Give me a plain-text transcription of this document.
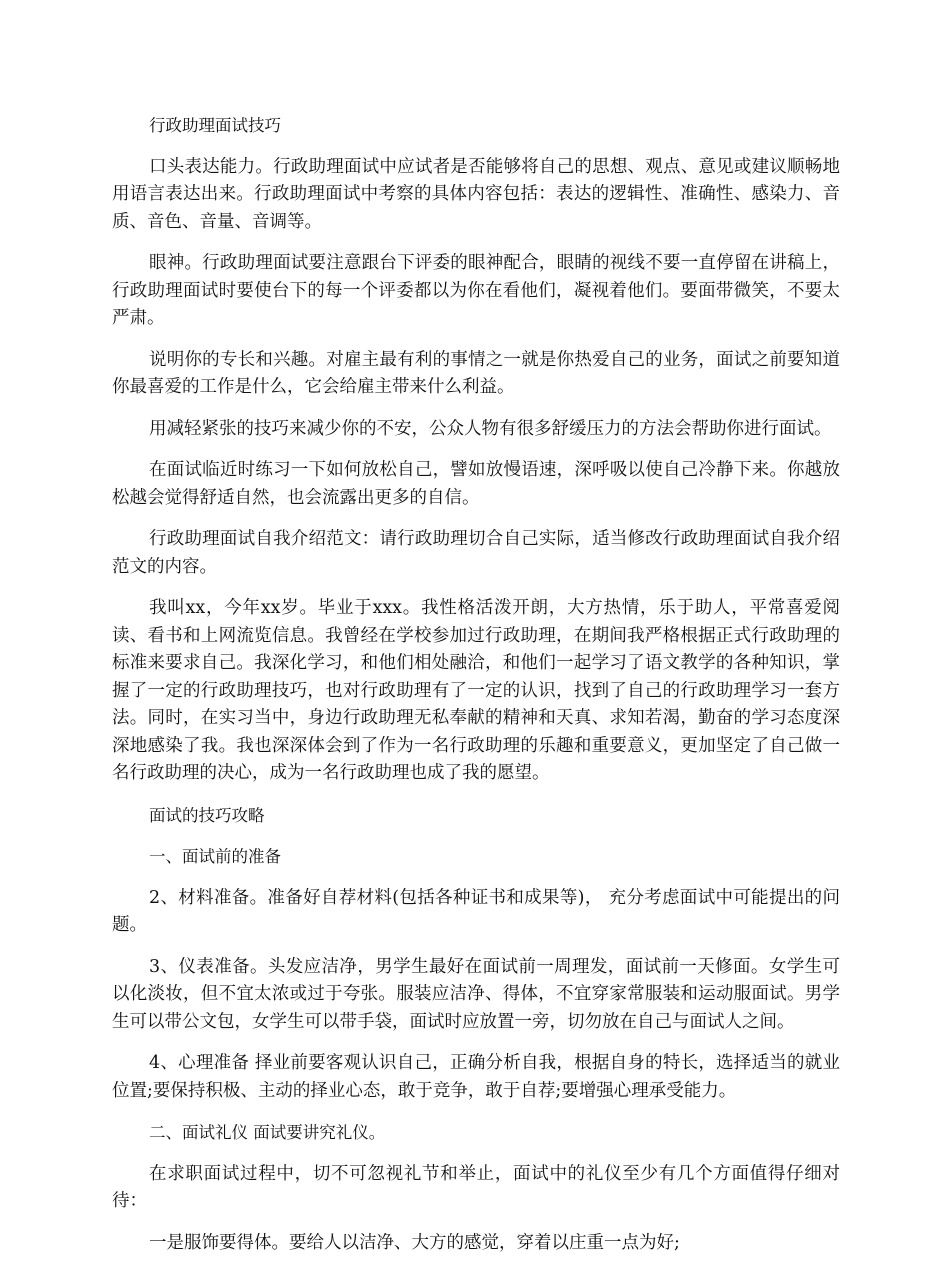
行政助理面试技巧

口头表达能力。行政助理面试中应试者是否能够将自己的思想、观点、意见或建议顺畅地用语言表达出来。行政助理面试中考察的具体内容包括：表达的逻辑性、准确性、感染力、音质、音色、音量、音调等。

眼神。行政助理面试要注意跟台下评委的眼神配合，眼睛的视线不要一直停留在讲稿上，行政助理面试时要使台下的每一个评委都以为你在看他们，凝视着他们。要面带微笑，不要太严肃。

说明你的专长和兴趣。对雇主最有利的事情之一就是你热爱自己的业务，面试之前要知道你最喜爱的工作是什么，它会给雇主带来什么利益。

用减轻紧张的技巧来减少你的不安，公众人物有很多舒缓压力的方法会帮助你进行面试。

在面试临近时练习一下如何放松自己，譬如放慢语速，深呼吸以使自己冷静下来。你越放松越会觉得舒适自然，也会流露出更多的自信。

行政助理面试自我介绍范文：请行政助理切合自己实际，适当修改行政助理面试自我介绍范文的内容。

我叫xx，今年xx岁。毕业于xxx。我性格活泼开朗，大方热情，乐于助人，平常喜爱阅读、看书和上网流览信息。我曾经在学校参加过行政助理，在期间我严格根据正式行政助理的标准来要求自己。我深化学习，和他们相处融洽，和他们一起学习了语文教学的各种知识，掌握了一定的行政助理技巧，也对行政助理有了一定的认识，找到了自己的行政助理学习一套方法。同时，在实习当中，身边行政助理无私奉献的精神和天真、求知若渴，勤奋的学习态度深深地感染了我。我也深深体会到了作为一名行政助理的乐趣和重要意义，更加坚定了自己做一名行政助理的决心，成为一名行政助理也成了我的愿望。

面试的技巧攻略

一、面试前的准备

2、材料准备。准备好自荐材料(包括各种证书和成果等)， 充分考虑面试中可能提出的问题。

3、仪表准备。头发应洁净，男学生最好在面试前一周理发，面试前一天修面。女学生可以化淡妆，但不宜太浓或过于夸张。服装应洁净、得体，不宜穿家常服装和运动服面试。男学生可以带公文包，女学生可以带手袋，面试时应放置一旁，切勿放在自己与面试人之间。

4、心理准备 择业前要客观认识自己，正确分析自我，根据自身的特长，选择适当的就业位置;要保持积极、主动的择业心态，敢于竞争，敢于自荐;要增强心理承受能力。

二、面试礼仪 面试要讲究礼仪。

在求职面试过程中，切不可忽视礼节和举止，面试中的礼仪至少有几个方面值得仔细对待：

一是服饰要得体。要给人以洁净、大方的感觉，穿着以庄重一点为好;
